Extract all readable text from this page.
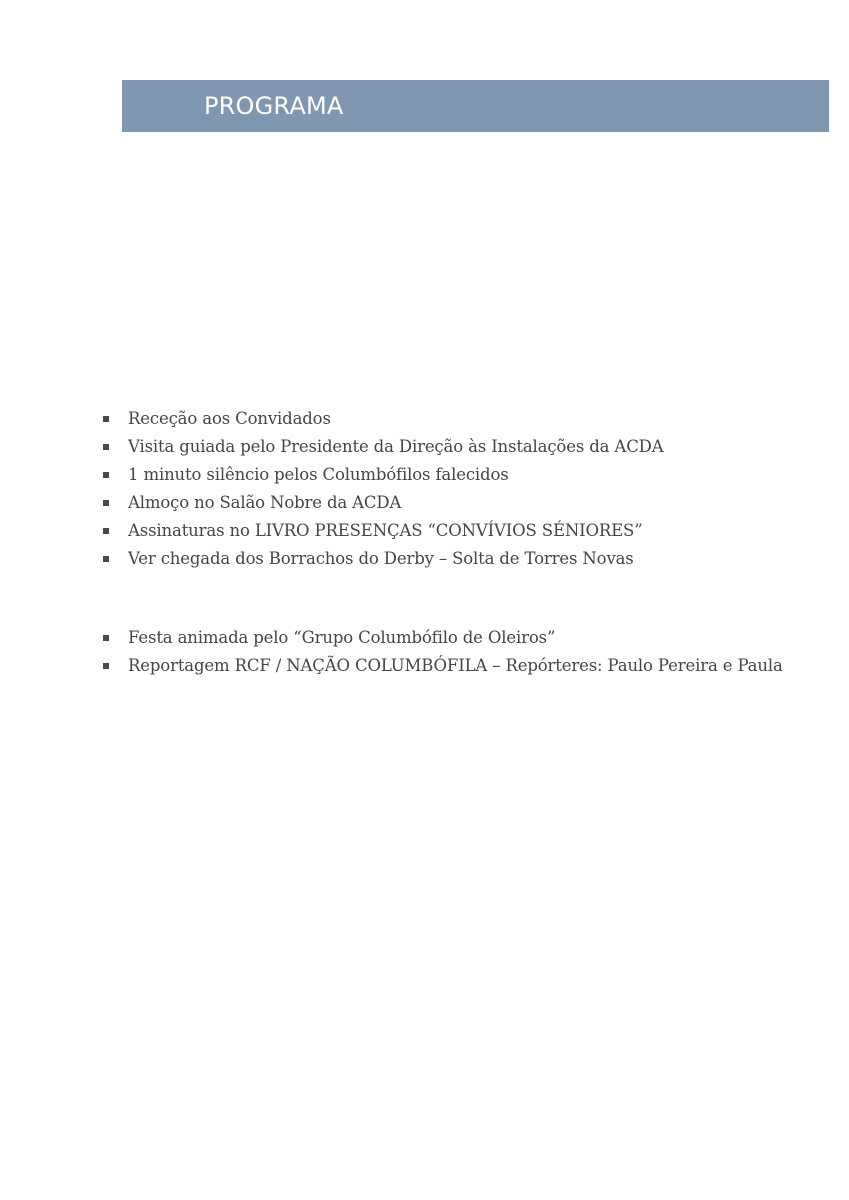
PROGRAMA
Receção aos Convidados
Visita guiada pelo Presidente da Direção às Instalações da ACDA
1 minuto silêncio pelos Columbófilos falecidos
Almoço no Salão Nobre da ACDA
Assinaturas no LIVRO PRESENÇAS “CONVÍVIOS SÉNIORES”
Ver chegada dos Borrachos do Derby – Solta de Torres Novas
Festa animada pelo “Grupo Columbófilo de Oleiros”
Reportagem RCF / NAÇÃO COLUMBÓFILA – Repórteres: Paulo Pereira e Paula
